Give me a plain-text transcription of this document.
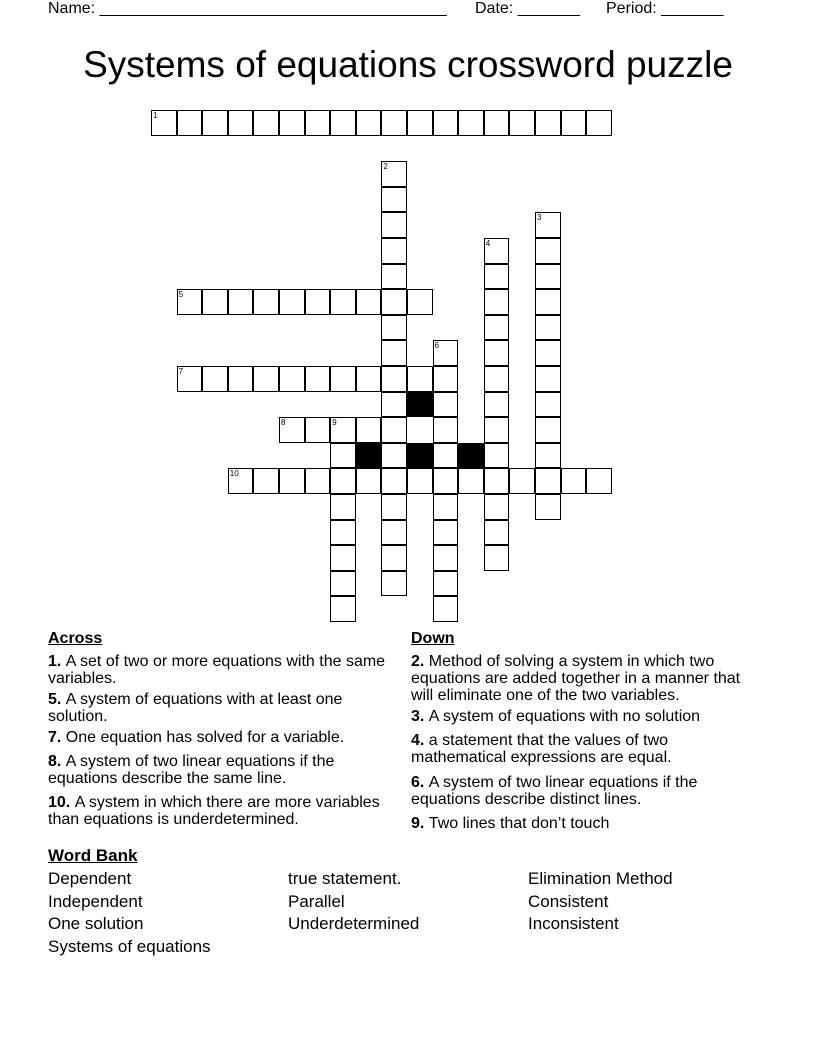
Name: _______________________________________ Date: _______ Period: _______
Systems of equations crossword puzzle
1
2
3
4
5
6
7
8	9
10
Across
1. A set of two or more equations with the same variables.
5. A system of equations with at least one solution.
7. One equation has solved for a variable.
8. A system of two linear equations if the equations describe the same line.
10. A system in which there are more variables than equations is underdetermined.
Down
2. Method of solving a system in which two equations are added together in a manner that will eliminate one of the two variables.
3. A system of equations with no solution
4. a statement that the values of two mathematical expressions are equal.
6. A system of two linear equations if the equations describe distinct lines.
9. Two lines that don’t touch
Word Bank
Dependent	true statement.	Elimination Method
Independent	Parallel	Consistent
One solution	Underdetermined	Inconsistent
Systems of equations
